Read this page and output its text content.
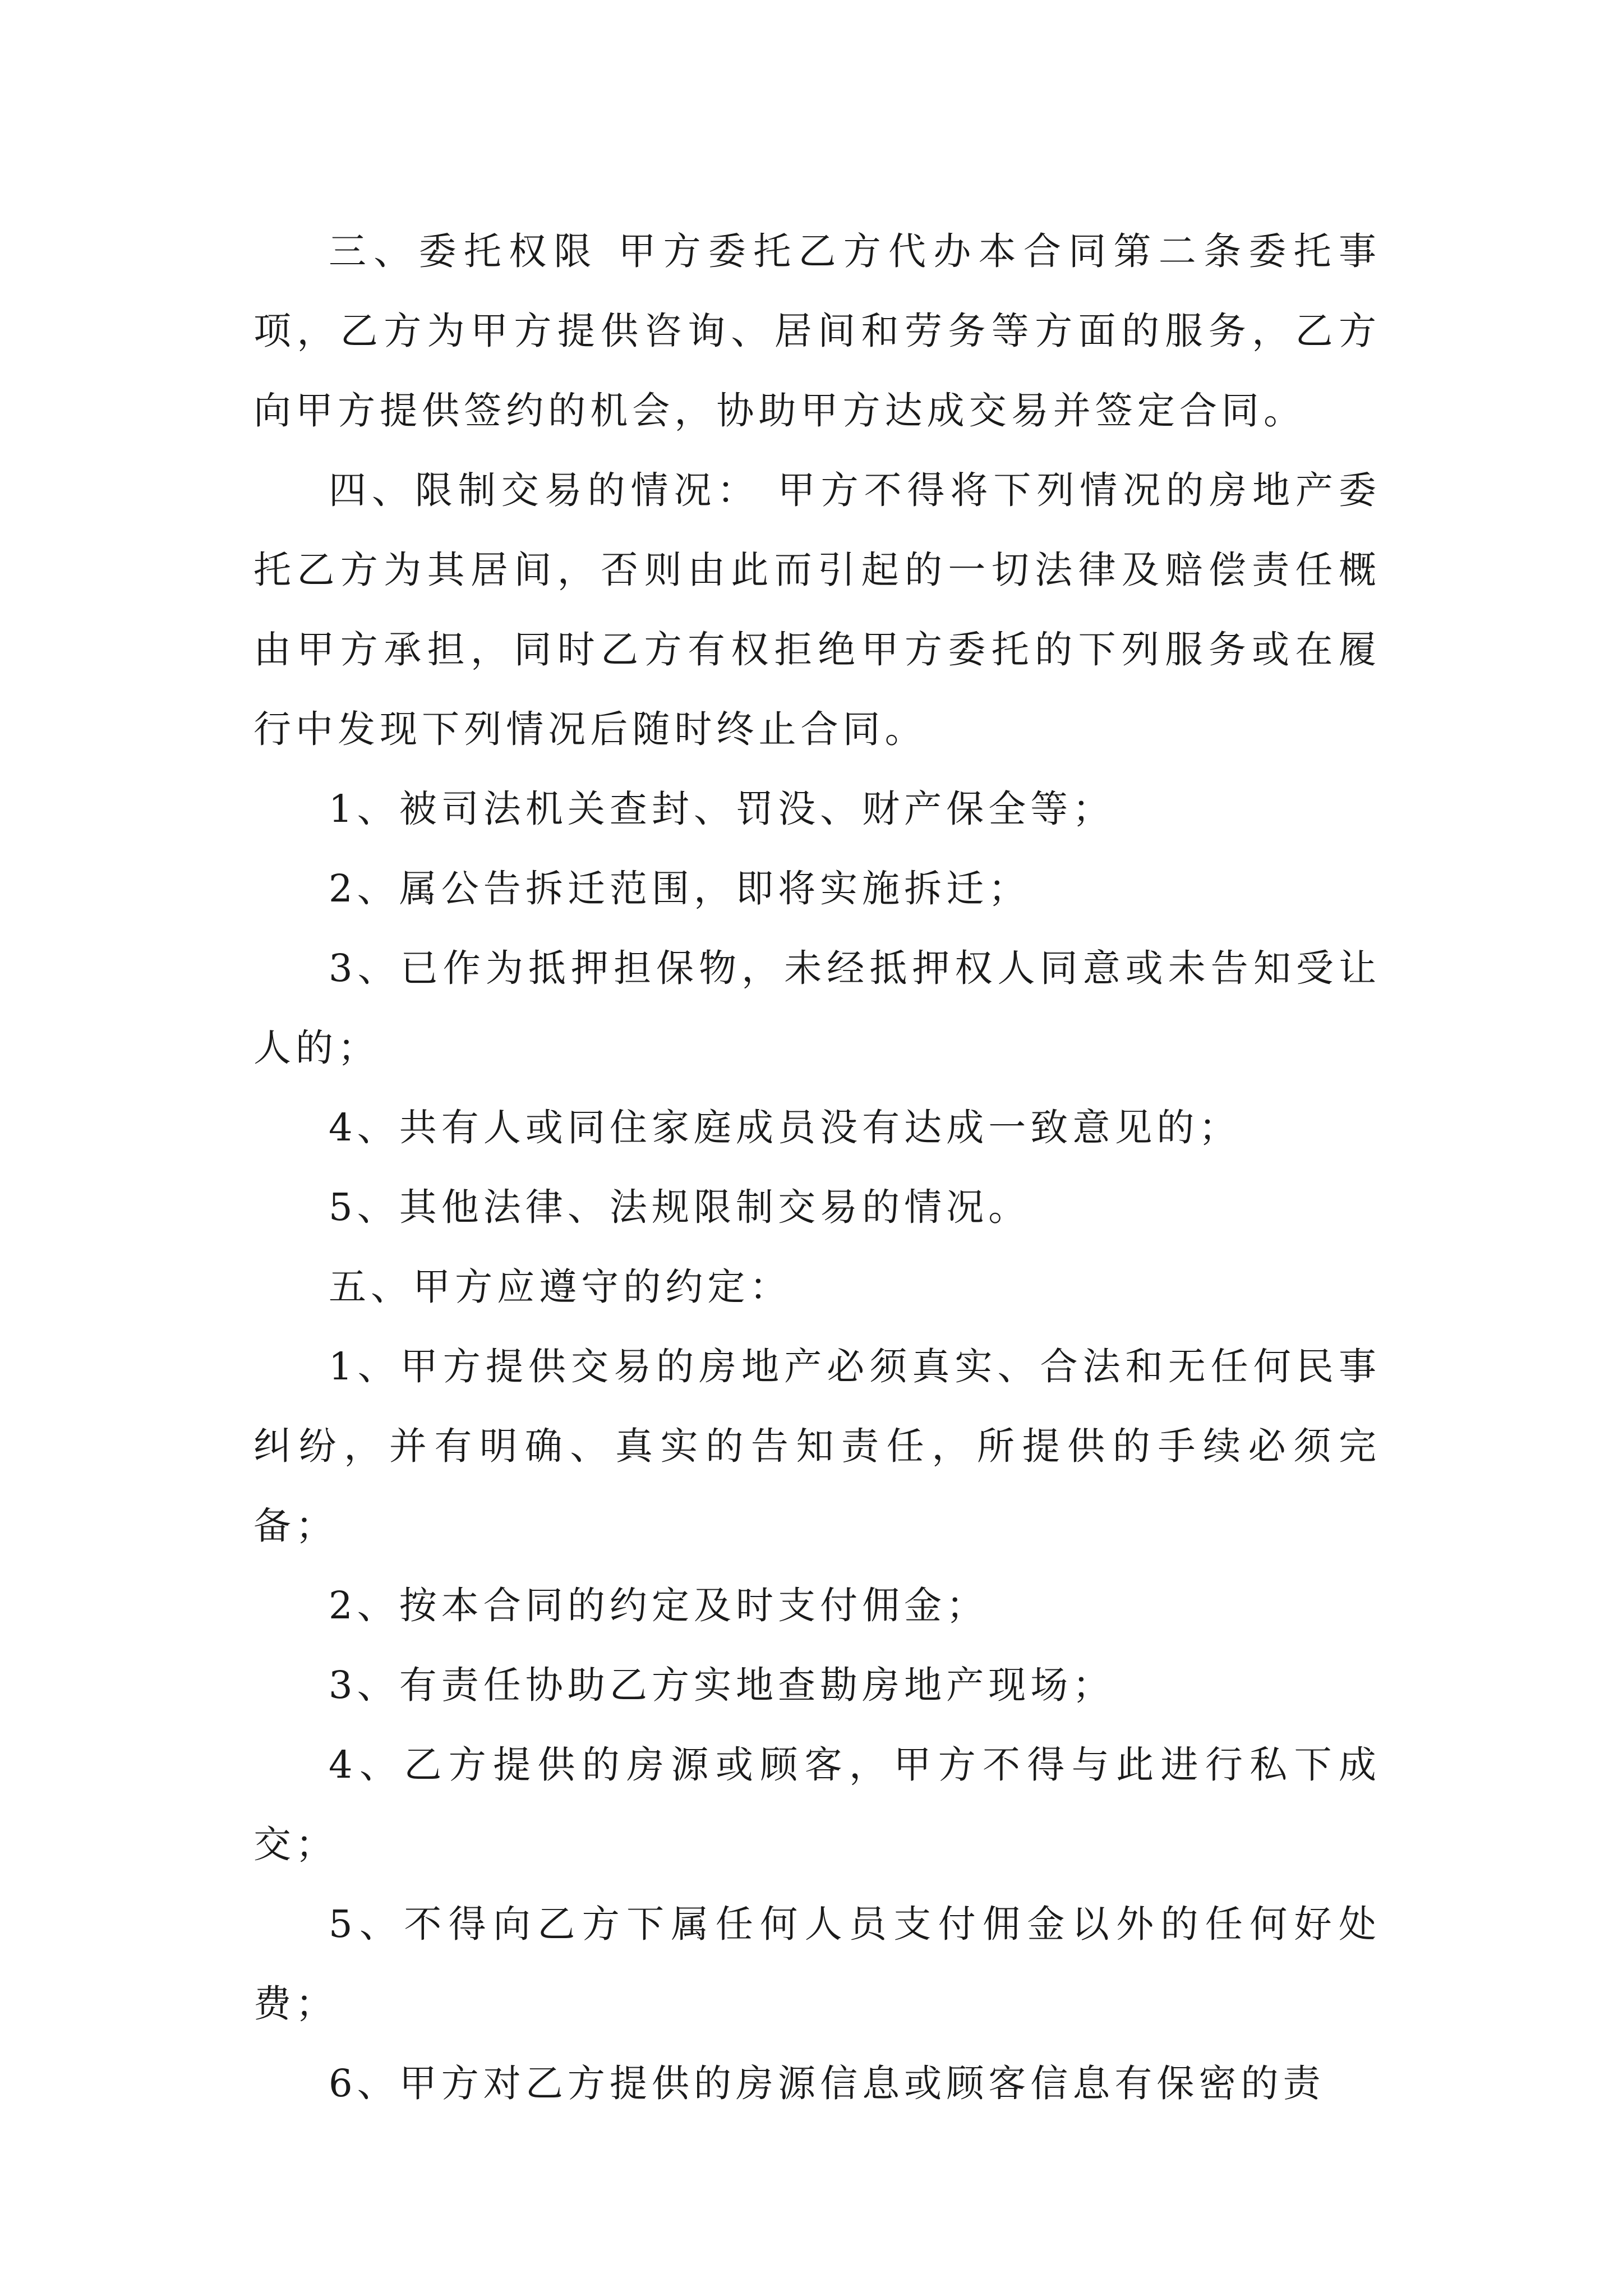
三、委托权限 甲方委托乙方代办本合同第二条委托事项，乙方为甲方提供咨询、居间和劳务等方面的服务，乙方向甲方提供签约的机会，协助甲方达成交易并签定合同。

四、限制交易的情况： 甲方不得将下列情况的房地产委托乙方为其居间，否则由此而引起的一切法律及赔偿责任概由甲方承担，同时乙方有权拒绝甲方委托的下列服务或在履行中发现下列情况后随时终止合同。

1、被司法机关查封、罚没、财产保全等；

2、属公告拆迁范围，即将实施拆迁；

3、已作为抵押担保物，未经抵押权人同意或未告知受让人的；

4、共有人或同住家庭成员没有达成一致意见的；

5、其他法律、法规限制交易的情况。

五、甲方应遵守的约定：

1、甲方提供交易的房地产必须真实、合法和无任何民事纠纷，并有明确、真实的告知责任，所提供的手续必须完备；

2、按本合同的约定及时支付佣金；

3、有责任协助乙方实地查勘房地产现场；

4、乙方提供的房源或顾客，甲方不得与此进行私下成交；

5、不得向乙方下属任何人员支付佣金以外的任何好处费；

6、甲方对乙方提供的房源信息或顾客信息有保密的责
